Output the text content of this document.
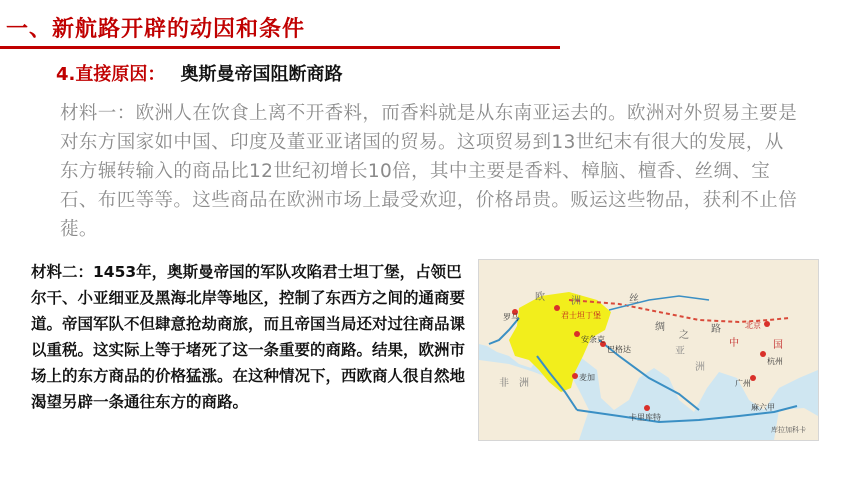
一、新航路开辟的动因和条件
4.直接原因： 奥斯曼帝国阻断商路
材料一：欧洲人在饮食上离不开香料，而香料就是从东南亚运去的。欧洲对外贸易主要是对东方国家如中国、印度及董亚亚诸国的贸易。这项贸易到13世纪末有很大的发展，从东方辗转输入的商品比12世纪初增长10倍，其中主要是香料、樟脑、檀香、丝绸、宝石、布匹等等。这些商品在欧洲市场上最受欢迎，价格昂贵。贩运这些物品，获利不止倍蓰。
材料二：1453年，奥斯曼帝国的军队攻陷君士坦丁堡，占领巴尔干、小亚细亚及黑海北岸等地区，控制了东西方之间的通商要道。帝国军队不但肆意抢劫商旅，而且帝国当局还对过往商品课以重税。这实际上等于堵死了这一条重要的商路。结果，欧洲市场上的东方商品的价格猛涨。在这种情况下，西欧商人很自然地渴望另辟一条通往东方的商路。
欧	洲
罗马	君士坦丁堡
丝
绸
之
路
亚
洲
安条克
巴格达
非 洲
麦加
卡里库特
北京
中	国
杭州
广州
麻六甲
库拉加科卡
